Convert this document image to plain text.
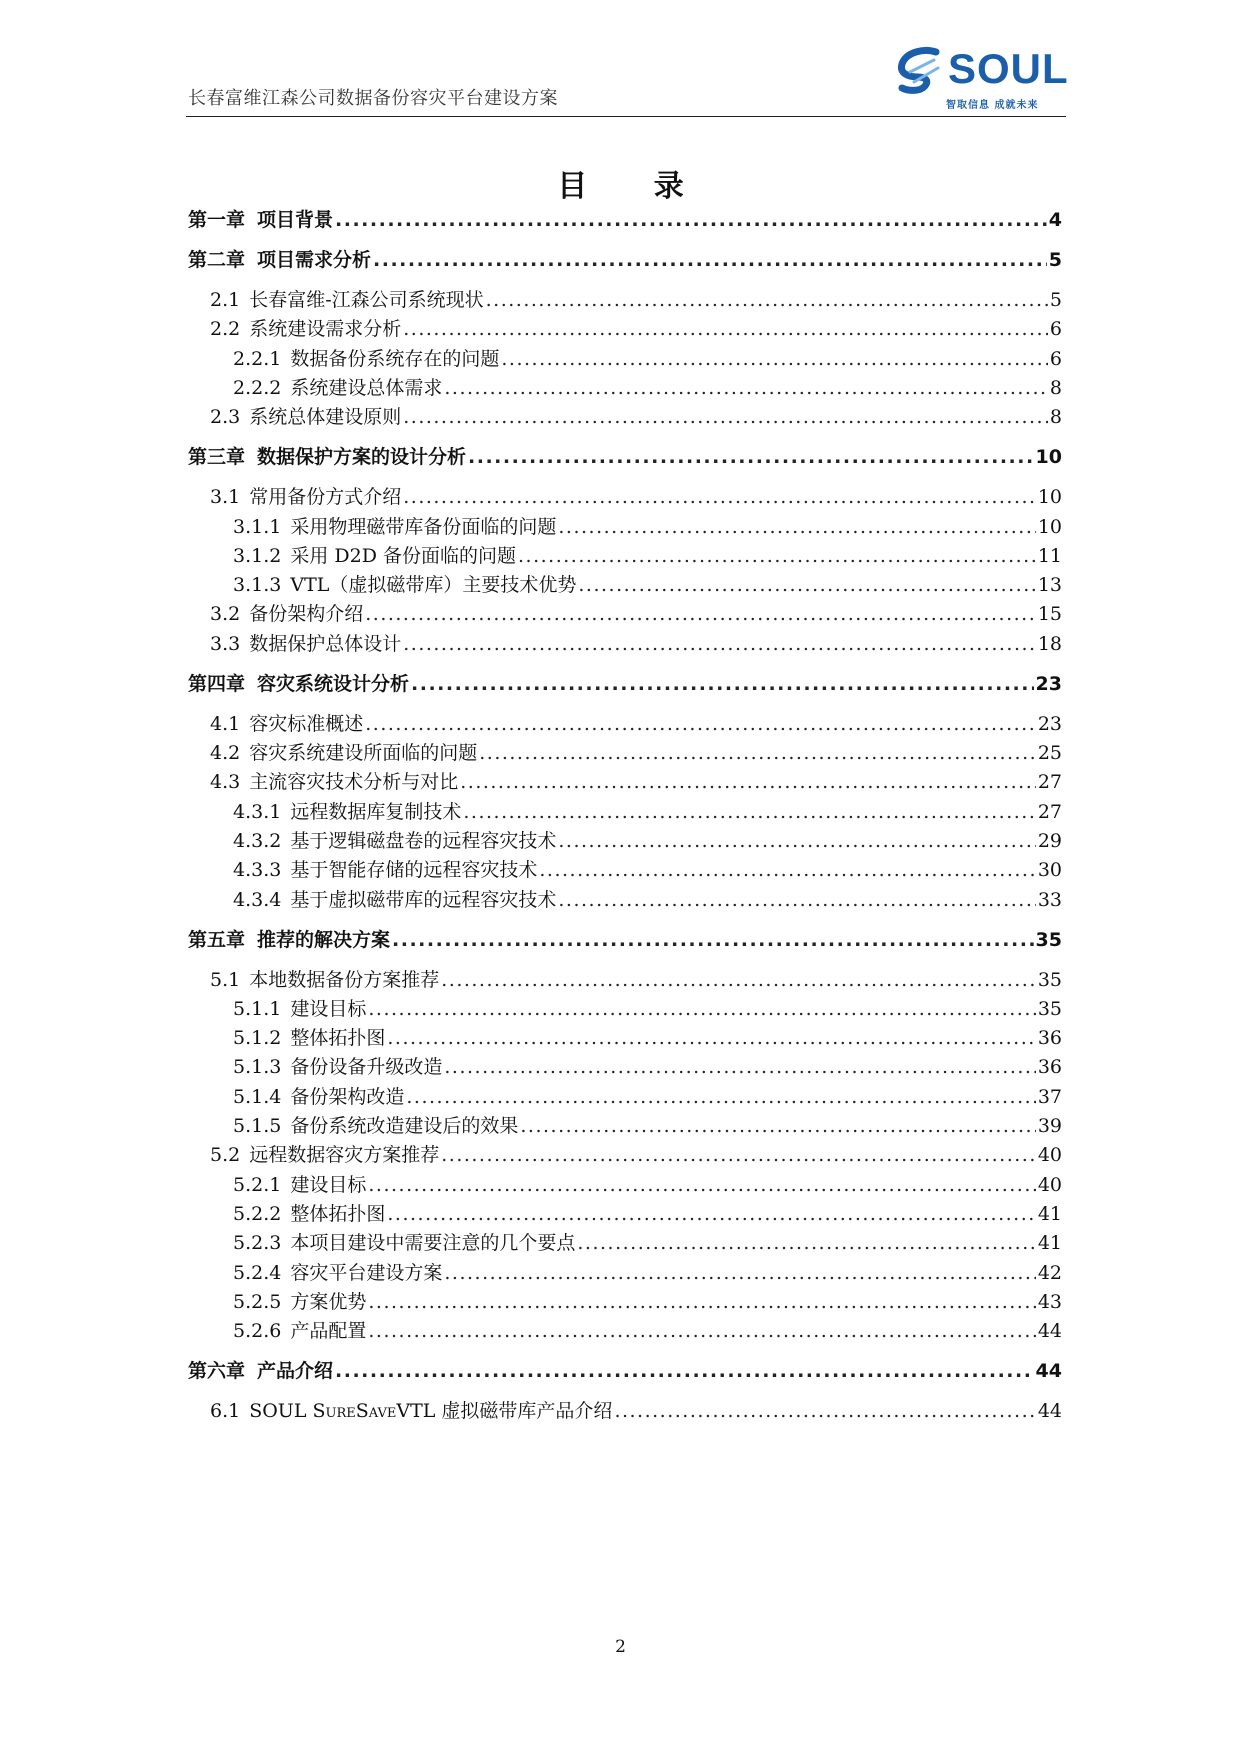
长春富维江森公司数据备份容灾平台建设方案
SOUL
智取信息 成就未来
目 录
第一章 项目背景 .....	4
第二章 项目需求分析 .....	5
2.1 长春富维-江森公司系统现状 .....	5
2.2 系统建设需求分析 .....	6
2.2.1 数据备份系统存在的问题 .....	6
2.2.2 系统建设总体需求 .....	8
2.3 系统总体建设原则 .....	8
第三章 数据保护方案的设计分析 .....	10
3.1 常用备份方式介绍 .....	10
3.1.1 采用物理磁带库备份面临的问题 .....	10
3.1.2 采用 D2D 备份面临的问题 .....	11
3.1.3 VTL（虚拟磁带库）主要技术优势 .....	13
3.2 备份架构介绍 .....	15
3.3 数据保护总体设计 .....	18
第四章 容灾系统设计分析 .....	23
4.1 容灾标准概述 .....	23
4.2 容灾系统建设所面临的问题 .....	25
4.3 主流容灾技术分析与对比 .....	27
4.3.1 远程数据库复制技术 .....	27
4.3.2 基于逻辑磁盘卷的远程容灾技术 .....	29
4.3.3 基于智能存储的远程容灾技术 .....	30
4.3.4 基于虚拟磁带库的远程容灾技术 .....	33
第五章 推荐的解决方案 .....	35
5.1 本地数据备份方案推荐 .....	35
5.1.1 建设目标 .....	35
5.1.2 整体拓扑图 .....	36
5.1.3 备份设备升级改造 .....	36
5.1.4 备份架构改造 .....	37
5.1.5 备份系统改造建设后的效果 .....	39
5.2 远程数据容灾方案推荐 .....	40
5.2.1 建设目标 .....	40
5.2.2 整体拓扑图 .....	41
5.2.3 本项目建设中需要注意的几个要点 .....	41
5.2.4 容灾平台建设方案 .....	42
5.2.5 方案优势 .....	43
5.2.6 产品配置 .....	44
第六章 产品介绍 .....	44
6.1 SOUL SureSaveVTL 虚拟磁带库产品介绍 .....	44
2
